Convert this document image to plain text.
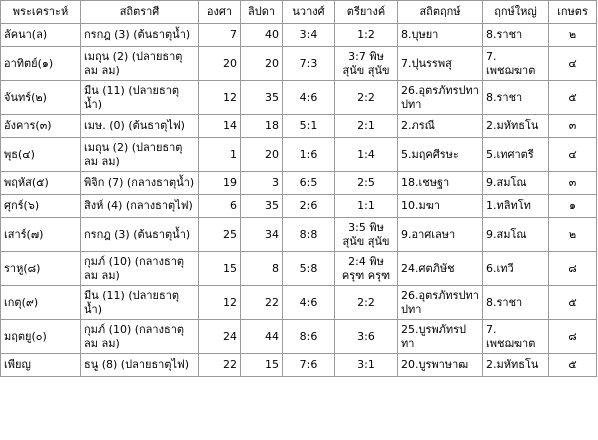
พระเคราะห์	สถิตราศี	องศา	ลิปดา	นวางศ์	ตรียางค์	สถิตฤกษ์	ฤกษ์ใหญ่	เกษตร
ลัคนา(ล)	กรกฎ (3) (ต้นธาตุน้ำ)	7	40	3:4	1:2	8.บุษยา	8.ราชา	๒
อาทิตย์(๑)	เมถุน (2) (ปลายธาตุลม ลม)	20	20	7:3	3:7 พิษสุนัข สุนัข	7.ปุนรรพสุ	7. เพชฌฆาต	๔
จันทร์(๒)	มีน (11) (ปลายธาตุน้ำ)	12	35	4:6	2:2	26.อุตรภัทรปทา ปทา	8.ราชา	๕
อังคาร(๓)	เมษ. (0) (ต้นธาตุไฟ)	14	18	5:1	2:1	2.ภรณี	2.มหัทธโน	๓
พุธ(๔)	เมถุน (2) (ปลายธาตุลม ลม)	1	20	1:6	1:4	5.มฤคศีรษะ	5.เทศาตรี	๔
พฤหัส(๕)	พิจิก (7) (กลางธาตุน้ำ)	19	3	6:5	2:5	18.เชษฐา	9.สมโณ	๓
ศุกร์(๖)	สิงห์ (4) (กลางธาตุไฟ)	6	35	2:6	1:1	10.มฆา	1.ทลิทโท	๑
เสาร์(๗)	กรกฎ (3) (ต้นธาตุน้ำ)	25	34	8:8	3:5 พิษสุนัข สุนัข	9.อาศเลษา	9.สมโณ	๒
ราหู(๘)	กุมภ์ (10) (กลางธาตุลม ลม)	15	8	5:8	2:4 พิษครุฑ ครุฑ	24.ศตภิษัช	6.เทวี	๘
เกตุ(๙)	มีน (11) (ปลายธาตุน้ำ)	12	22	4:6	2:2	26.อุตรภัทรปทา ปทา	8.ราชา	๕
มฤตยู(๐)	กุมภ์ (10) (กลางธาตุลม ลม)	24	44	8:6	3:6	25.บูรพภัทรปทา	7. เพชฌฆาต	๘
เพียญ	ธนู (8) (ปลายธาตุไฟ)	22	15	7:6	3:1	20.บูรพาษาฒ	2.มหัทธโน	๕
